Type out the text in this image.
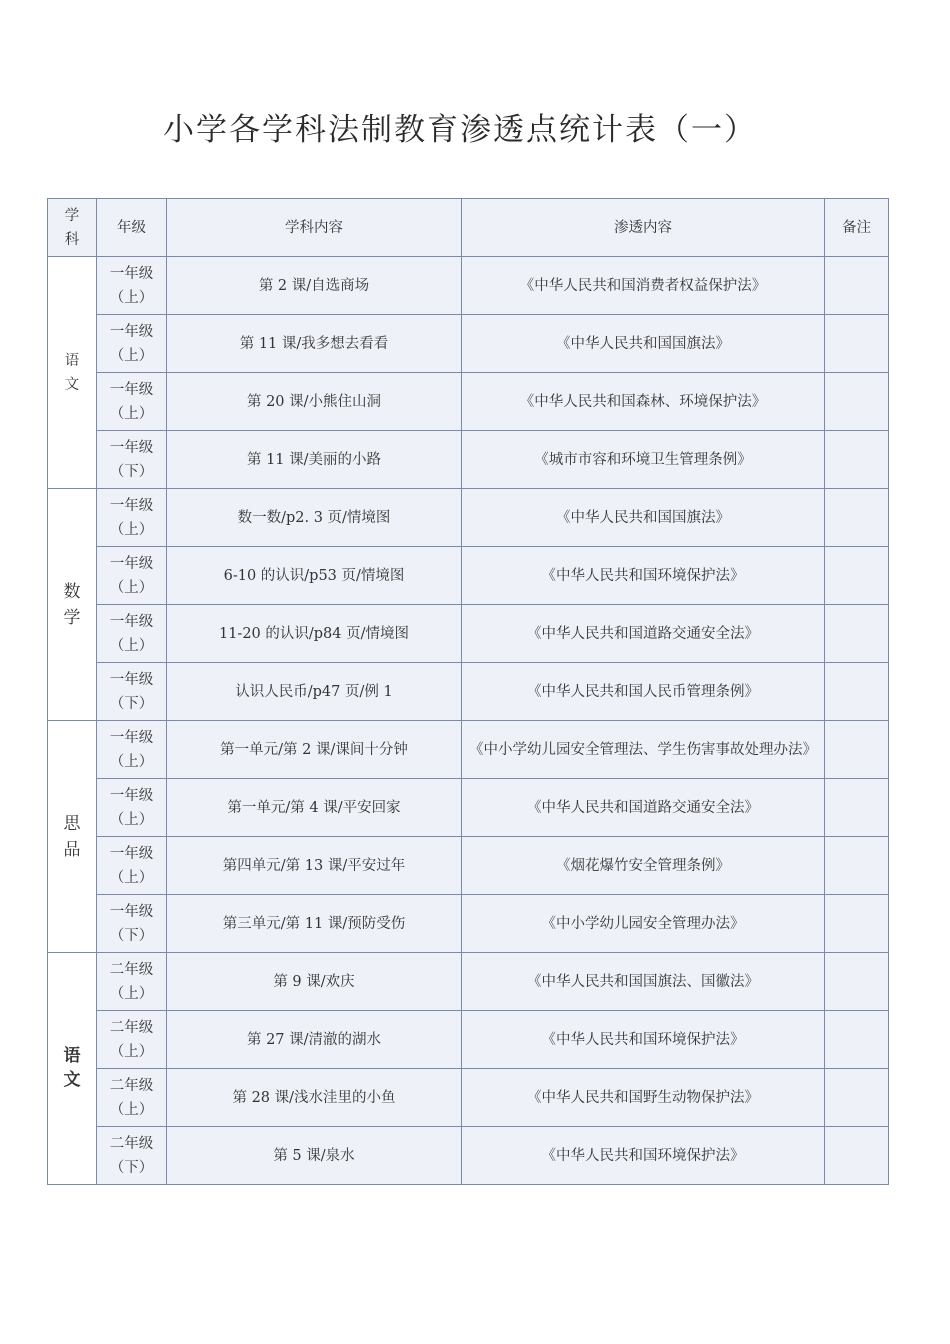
小学各学科法制教育渗透点统计表（一）
学科	年级	学科内容	渗透内容	备注
语文	一年级（上）	第 2 课/自选商场	《中华人民共和国消费者权益保护法》	
	一年级（上）	第 11 课/我多想去看看	《中华人民共和国国旗法》	
	一年级（上）	第 20 课/小熊住山洞	《中华人民共和国森林、环境保护法》	
	一年级（下）	第 11 课/美丽的小路	《城市市容和环境卫生管理条例》	
数学	一年级（上）	数一数/p2. 3 页/情境图	《中华人民共和国国旗法》	
	一年级（上）	6-10 的认识/p53 页/情境图	《中华人民共和国环境保护法》	
	一年级（上）	11-20 的认识/p84 页/情境图	《中华人民共和国道路交通安全法》	
	一年级（下）	认识人民币/p47 页/例 1	《中华人民共和国人民币管理条例》	
思品	一年级（上）	第一单元/第 2 课/课间十分钟	《中小学幼儿园安全管理法、学生伤害事故处理办法》	
	一年级（上）	第一单元/第 4 课/平安回家	《中华人民共和国道路交通安全法》	
	一年级（上）	第四单元/第 13 课/平安过年	《烟花爆竹安全管理条例》	
	一年级（下）	第三单元/第 11 课/预防受伤	《中小学幼儿园安全管理办法》	
语文	二年级（上）	第 9 课/欢庆	《中华人民共和国国旗法、国徽法》	
	二年级（上）	第 27 课/清澈的湖水	《中华人民共和国环境保护法》	
	二年级（上）	第 28 课/浅水洼里的小鱼	《中华人民共和国野生动物保护法》	
	二年级（下）	第 5 课/泉水	《中华人民共和国环境保护法》	
